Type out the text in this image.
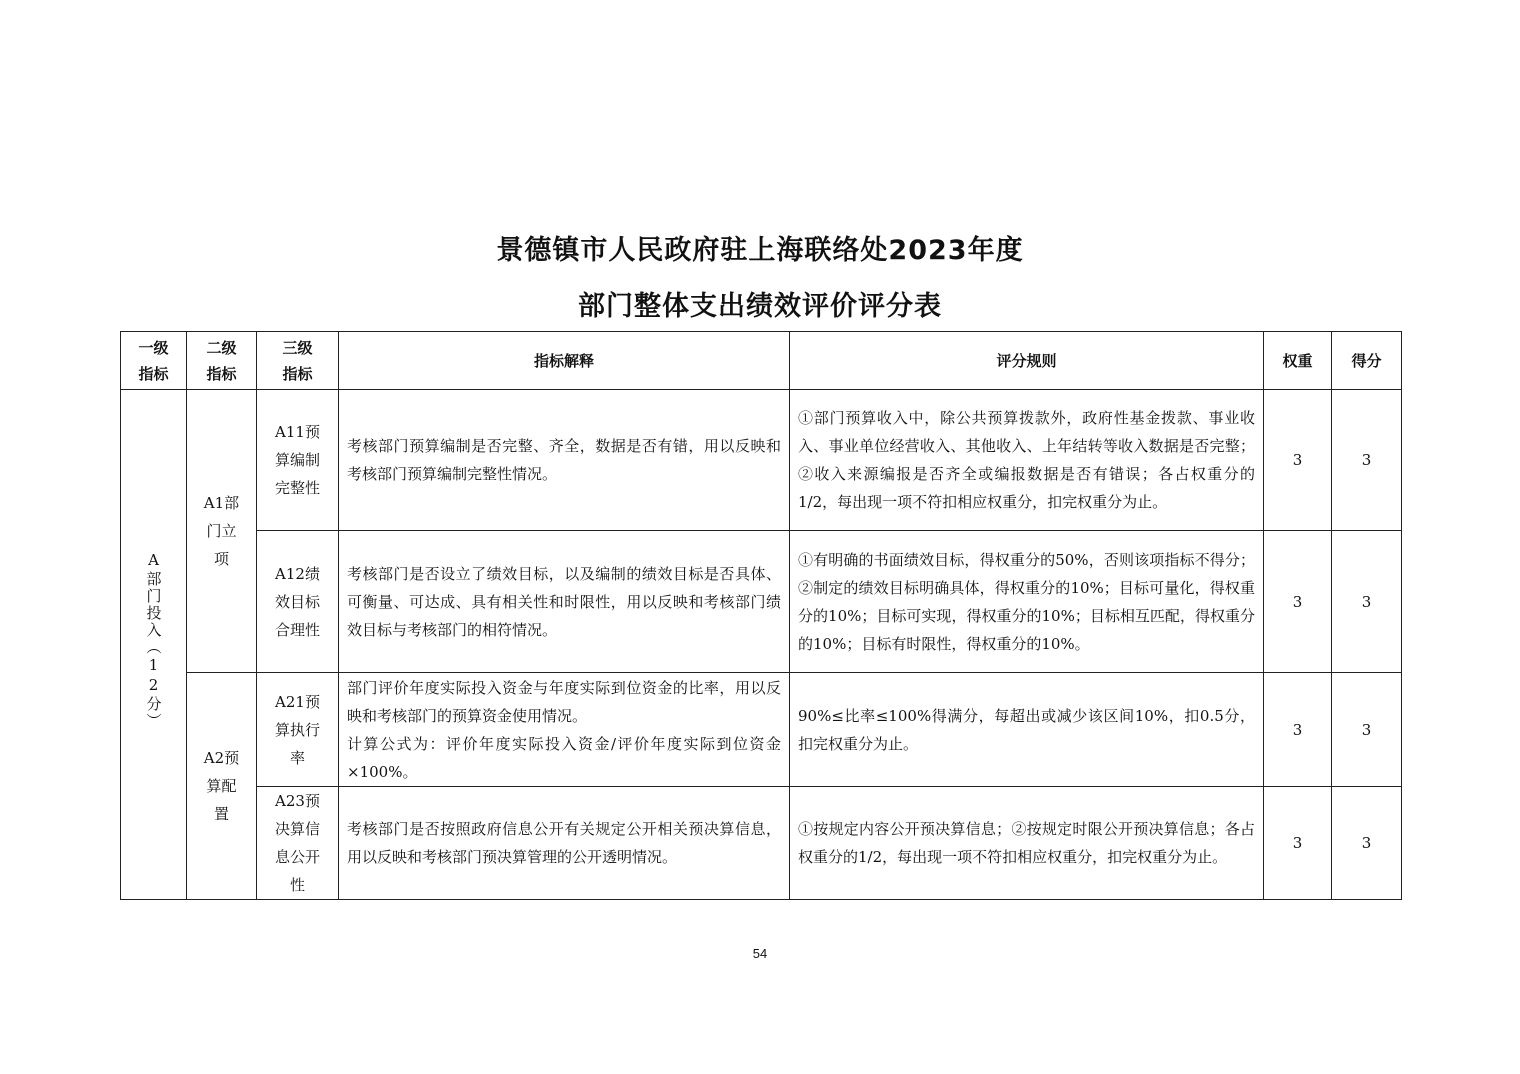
景德镇市人民政府驻上海联络处2023年度
部门整体支出绩效评价评分表
一级指标	二级指标	三级指标	指标解释	评分规则	权重	得分
A部门投入（12分）	A1部门立项	A11预算编制完整性	考核部门预算编制是否完整、齐全，数据是否有错，用以反映和考核部门预算编制完整性情况。	①部门预算收入中，除公共预算拨款外，政府性基金拨款、事业收入、事业单位经营收入、其他收入、上年结转等收入数据是否完整；②收入来源编报是否齐全或编报数据是否有错误；各占权重分的1/2，每出现一项不符扣相应权重分，扣完权重分为止。	3	3

		A12绩效目标合理性	考核部门是否设立了绩效目标，以及编制的绩效目标是否具体、可衡量、可达成、具有相关性和时限性，用以反映和考核部门绩效目标与考核部门的相符情况。	①有明确的书面绩效目标，得权重分的50%，否则该项指标不得分；②制定的绩效目标明确具体，得权重分的10%；目标可量化，得权重分的10%；目标可实现，得权重分的10%；目标相互匹配，得权重分的10%；目标有时限性，得权重分的10%。	3	3

	A2预算配置	A21预算执行率	部门评价年度实际投入资金与年度实际到位资金的比率，用以反映和考核部门的预算资金使用情况。
计算公式为：评价年度实际投入资金/评价年度实际到位资金×100%。	90%≤比率≤100%得满分，每超出或减少该区间10%，扣0.5分，扣完权重分为止。	3	3

		A23预决算信息公开性	考核部门是否按照政府信息公开有关规定公开相关预决算信息，用以反映和考核部门预决算管理的公开透明情况。	①按规定内容公开预决算信息；②按规定时限公开预决算信息；各占权重分的1/2，每出现一项不符扣相应权重分，扣完权重分为止。	3	3
54
